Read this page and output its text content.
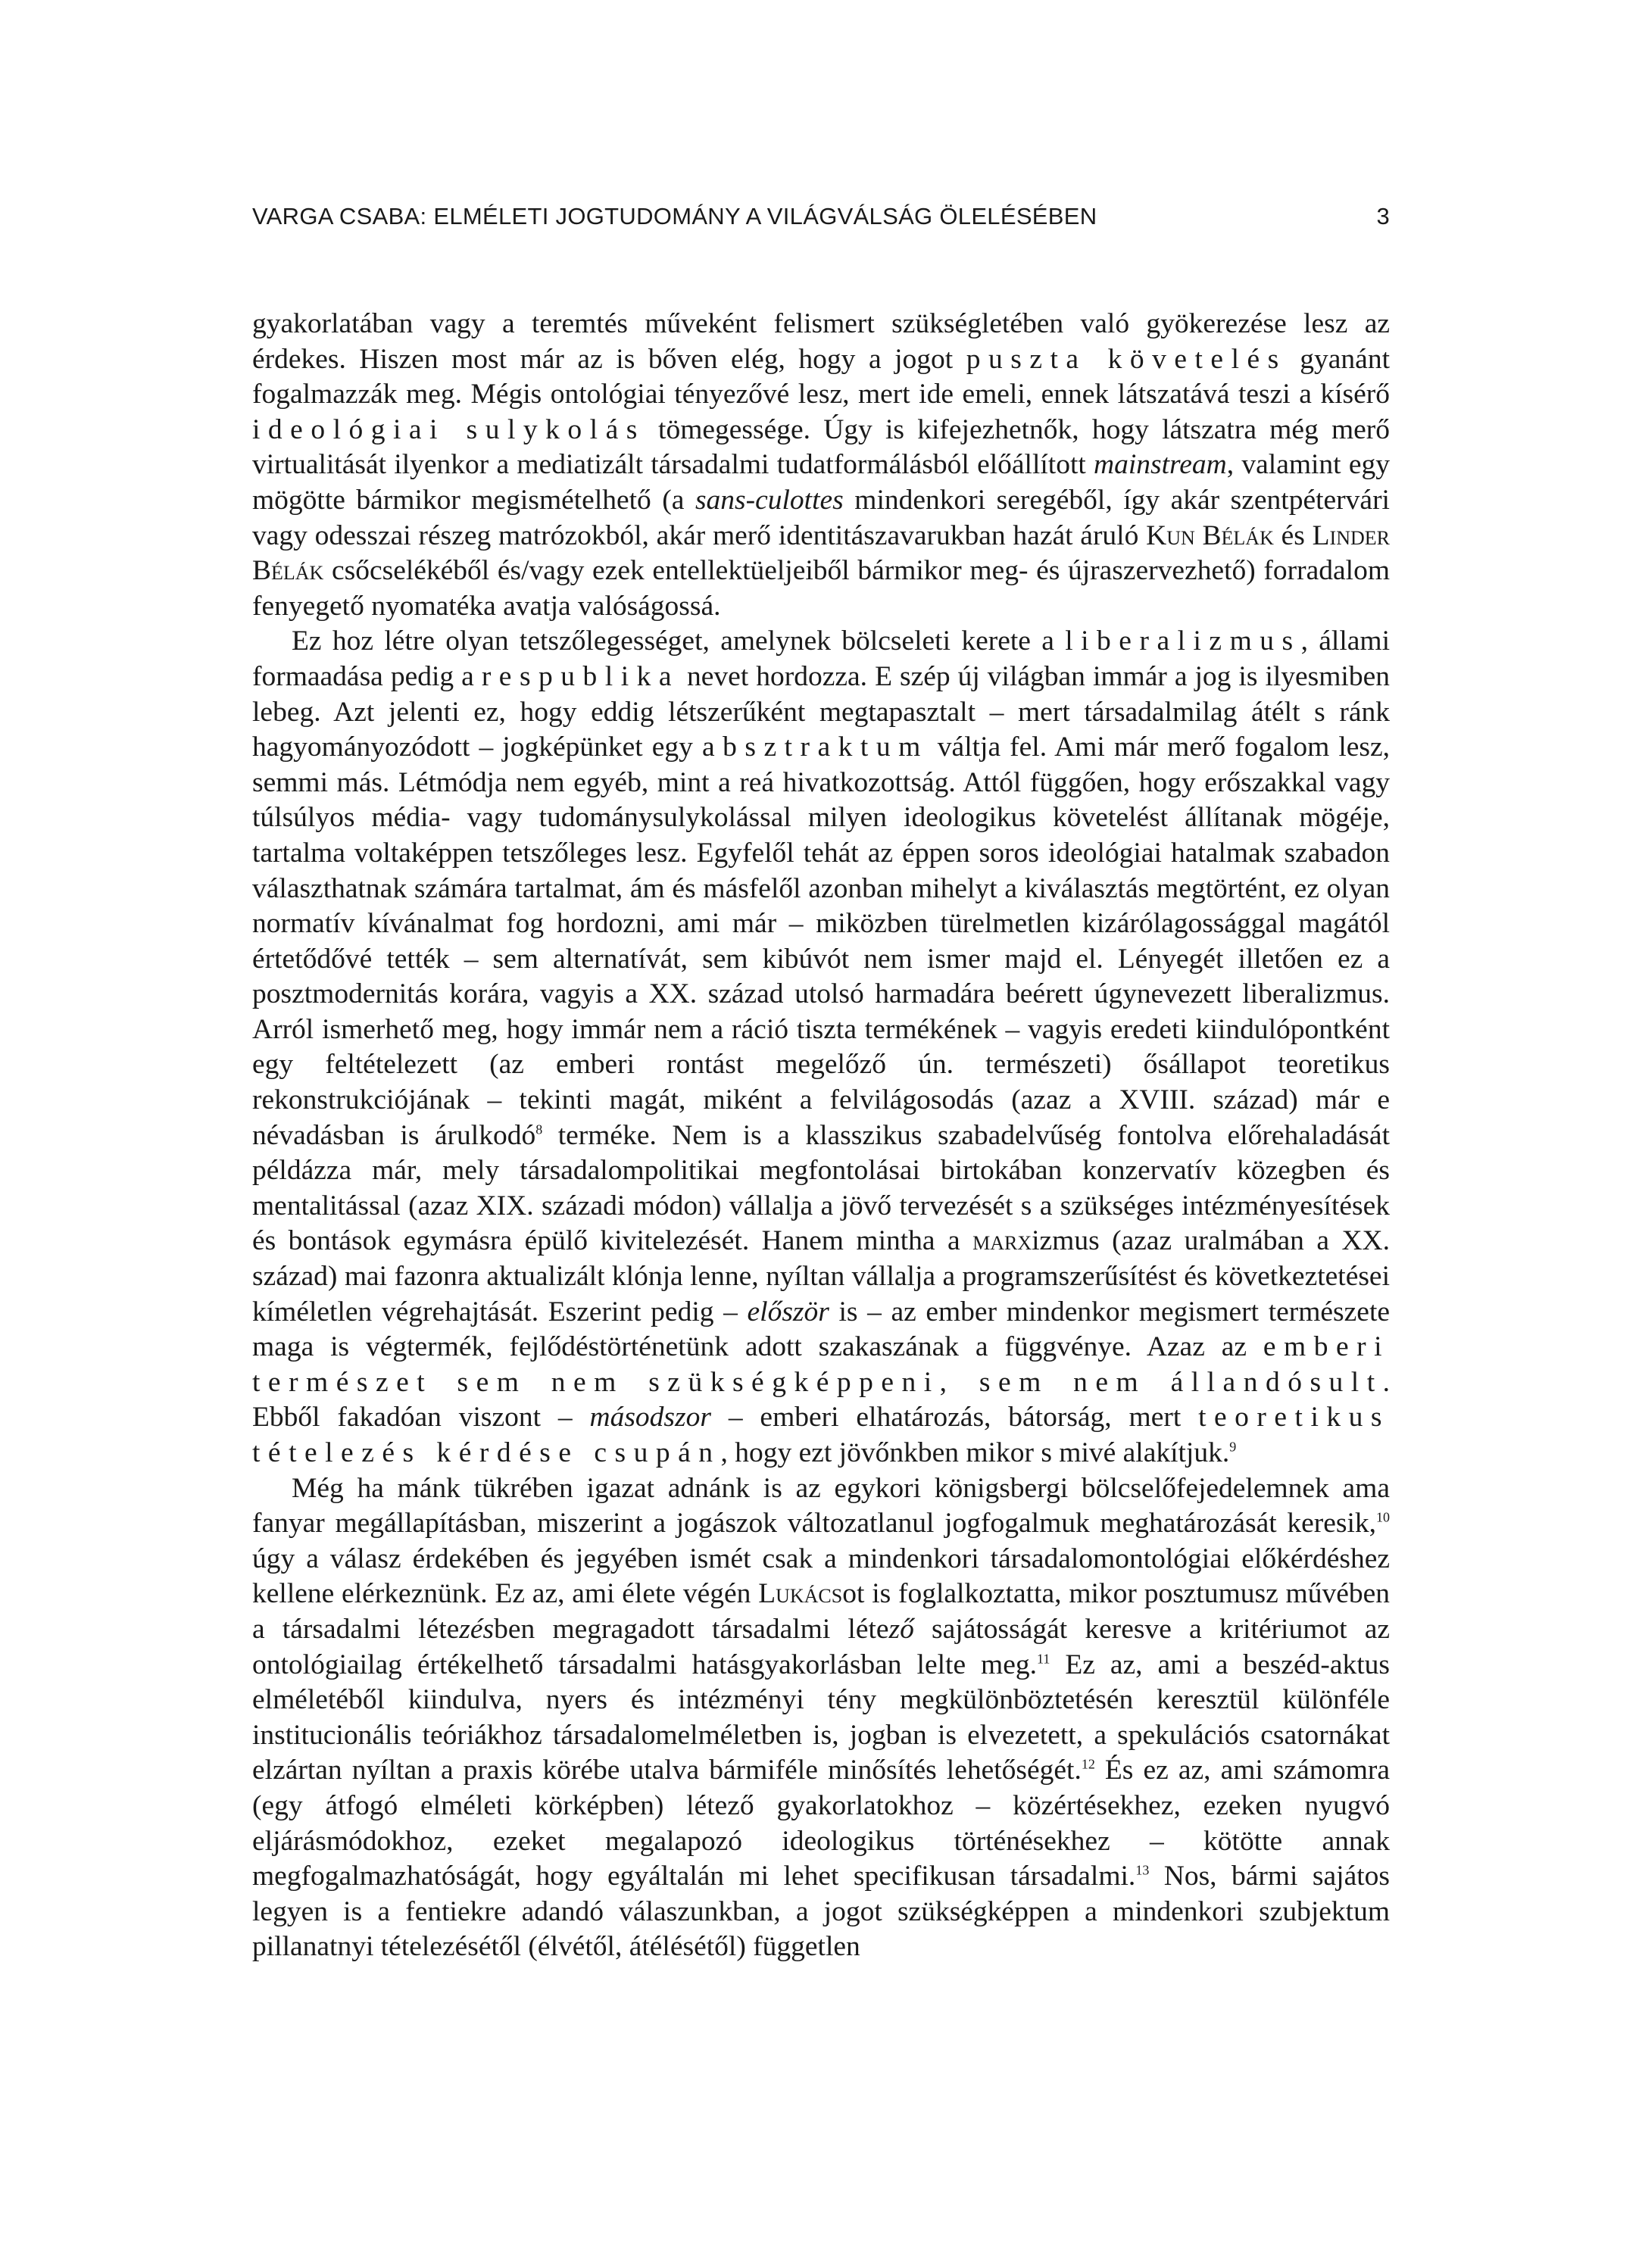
VARGA CSABA: ELMÉLETI JOGTUDOMÁNY A VILÁGVÁLSÁG ÖLELÉSÉBEN	3

gyakorlatában vagy a teremtés műveként felismert szükségletében való gyökerezése lesz az érdekes. Hiszen most már az is bőven elég, hogy a jogot puszta követelés gyanánt fogalmazzák meg. Mégis ontológiai tényezővé lesz, mert ide emeli, ennek látszatává teszi a kísérő ideológiai sulykolás tömegessége. Úgy is kifejezhetnők, hogy látszatra még merő virtualitását ilyenkor a mediatizált társadalmi tudatformálásból előállított mainstream, valamint egy mögötte bármikor megismételhető (a sans-culottes mindenkori seregéből, így akár szentpétervári vagy odesszai részeg matrózokból, akár merő identitászavarukban hazát áruló Kun Bélák és Linder Bélák csőcselékéből és/vagy ezek entellektüeljeiből bármikor meg- és újraszervezhető) forradalom fenyegető nyomatéka avatja valóságossá.

Ez hoz létre olyan tetszőlegességet, amelynek bölcseleti kerete a liberalizmus, állami formaadása pedig a respublika nevet hordozza. E szép új világban immár a jog is ilyesmiben lebeg. Azt jelenti ez, hogy eddig létszerűként megtapasztalt – mert társadalmilag átélt s ránk hagyományozódott – jogképünket egy absztraktum váltja fel. Ami már merő fogalom lesz, semmi más. Létmódja nem egyéb, mint a reá hivatkozottság. Attól függően, hogy erőszakkal vagy túlsúlyos média- vagy tudománysulykolással milyen ideologikus követelést állítanak mögéje, tartalma voltaképpen tetszőleges lesz. Egyfelől tehát az éppen soros ideológiai hatalmak szabadon választhatnak számára tartalmat, ám és másfelől azonban mihelyt a kiválasztás megtörtént, ez olyan normatív kívánalmat fog hordozni, ami már – miközben türelmetlen kizárólagossággal magától értetődővé tették – sem alternatívát, sem kibúvót nem ismer majd el. Lényegét illetően ez a posztmodernitás korára, vagyis a XX. század utolsó harmadára beérett úgynevezett liberalizmus. Arról ismerhető meg, hogy immár nem a ráció tiszta termékének – vagyis eredeti kiindulópontként egy feltételezett (az emberi rontást megelőző ún. természeti) ősállapot teoretikus rekonstrukciójának – tekinti magát, miként a felvilágosodás (azaz a XVIII. század) már e névadásban is árulkodó$^8$ terméke. Nem is a klasszikus szabadelvűség fontolva előrehaladását példázza már, mely társadalompolitikai megfontolásai birtokában konzervatív közegben és mentalitással (azaz XIX. századi módon) vállalja a jövő tervezését s a szükséges intézményesítések és bontások egymásra épülő kivitelezését. Hanem mintha a marxizmus (azaz uralmában a XX. század) mai fazonra aktualizált klónja lenne, nyíltan vállalja a programszerűsítést és következtetései kíméletlen végrehajtását. Eszerint pedig – először is – az ember mindenkor megismert természete maga is végtermék, fejlődéstörténetünk adott szakaszának a függvénye. Azaz az emberi természet sem nem szükségképpeni, sem nem állandósult. Ebből fakadóan viszont – másodszor – emberi elhatározás, bátorság, mert teoretikus tételezés kérdése csupán, hogy ezt jövőnkben mikor s mivé alakítjuk.$^9$

Még ha mánk tükrében igazat adnánk is az egykori königsbergi bölcselőfejedelemnek ama fanyar megállapításban, miszerint a jogászok változatlanul jogfogalmuk meghatározását keresik,$^{10}$ úgy a válasz érdekében és jegyében ismét csak a mindenkori társadalomontológiai előkérdéshez kellene elérkeznünk. Ez az, ami élete végén Lukácsot is foglalkoztatta, mikor posztumusz művében a társadalmi létezésben megragadott társadalmi létező sajátosságát keresve a kritériumot az ontológiailag értékelhető társadalmi hatásgyakorlásban lelte meg.$^{11}$ Ez az, ami a beszéd-aktus elméletéből kiindulva, nyers és intézményi tény megkülönböztetésén keresztül különféle institucionális teóriákhoz társadalomelméletben is, jogban is elvezetett, a spekulációs csatornákat elzártan nyíltan a praxis körébe utalva bármiféle minősítés lehetőségét.$^{12}$ És ez az, ami számomra (egy átfogó elméleti körképben) létező gyakorlatokhoz – közértésekhez, ezeken nyugvó eljárásmódokhoz, ezeket megalapozó ideologikus történésekhez – kötötte annak megfogalmazhatóságát, hogy egyáltalán mi lehet specifikusan társadalmi.$^{13}$ Nos, bármi sajátos legyen is a fentiekre adandó válaszunkban, a jogot szükségképpen a mindenkori szubjektum pillanatnyi tételezésétől (élvétől, átélésétől) független
